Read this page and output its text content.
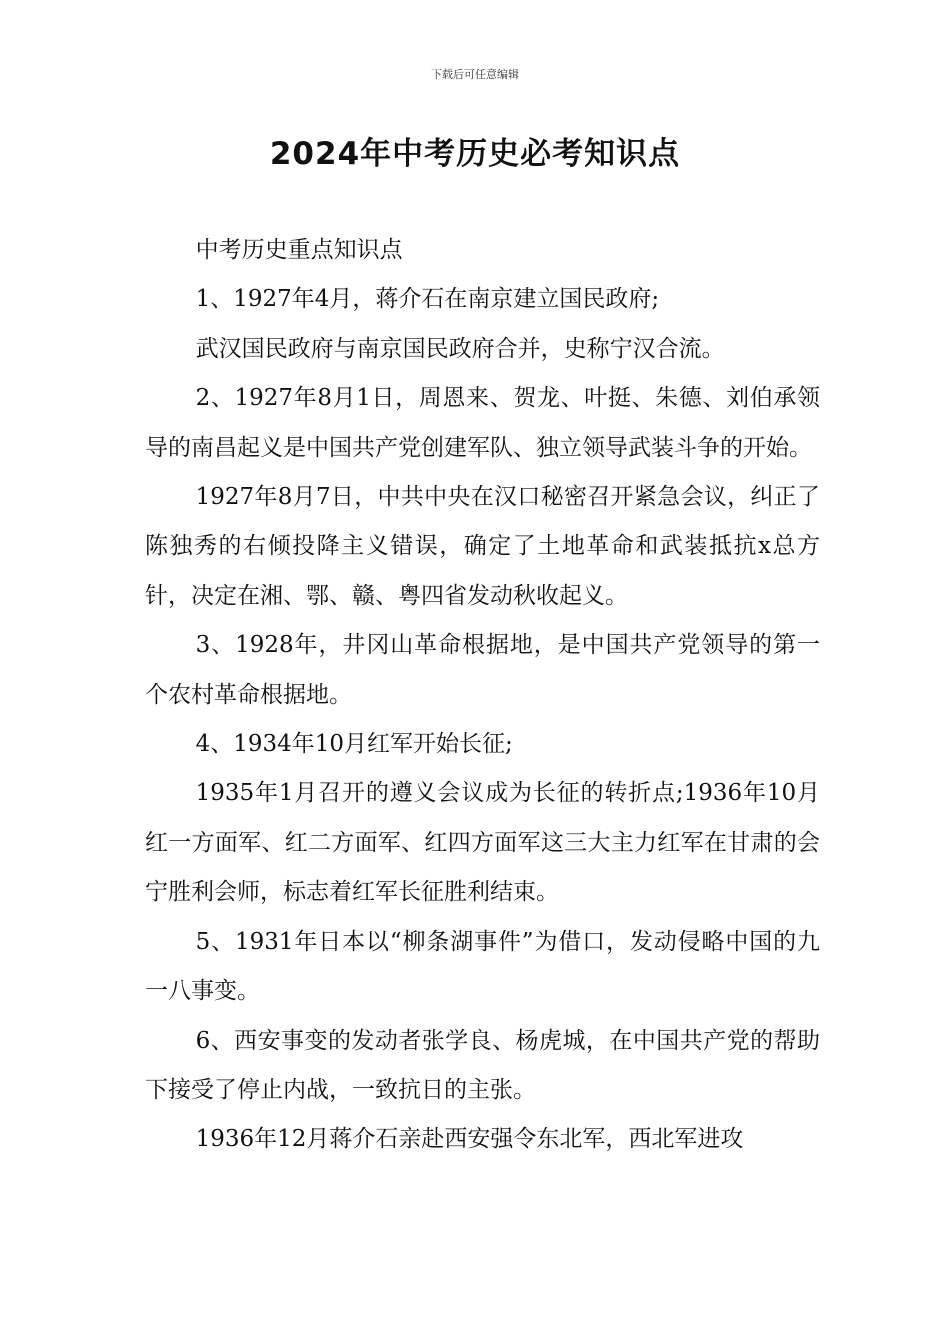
下载后可任意编辑
2024年中考历史必考知识点

中考历史重点知识点

1、1927年4月，蒋介石在南京建立国民政府;

武汉国民政府与南京国民政府合并，史称宁汉合流。

2、1927年8月1日，周恩来、贺龙、叶挺、朱德、刘伯承领导的南昌起义是中国共产党创建军队、独立领导武装斗争的开始。

1927年8月7日，中共中央在汉口秘密召开紧急会议，纠正了陈独秀的右倾投降主义错误，确定了土地革命和武装抵抗x总方针，决定在湘、鄂、赣、粤四省发动秋收起义。

3、1928年，井冈山革命根据地，是中国共产党领导的第一个农村革命根据地。

4、1934年10月红军开始长征;

1935年1月召开的遵义会议成为长征的转折点;1936年10月红一方面军、红二方面军、红四方面军这三大主力红军在甘肃的会宁胜利会师，标志着红军长征胜利结束。

5、1931年日本以“柳条湖事件”为借口，发动侵略中国的九一八事变。

6、西安事变的发动者张学良、杨虎城，在中国共产党的帮助下接受了停止内战，一致抗日的主张。

1936年12月蒋介石亲赴西安强令东北军，西北军进攻
